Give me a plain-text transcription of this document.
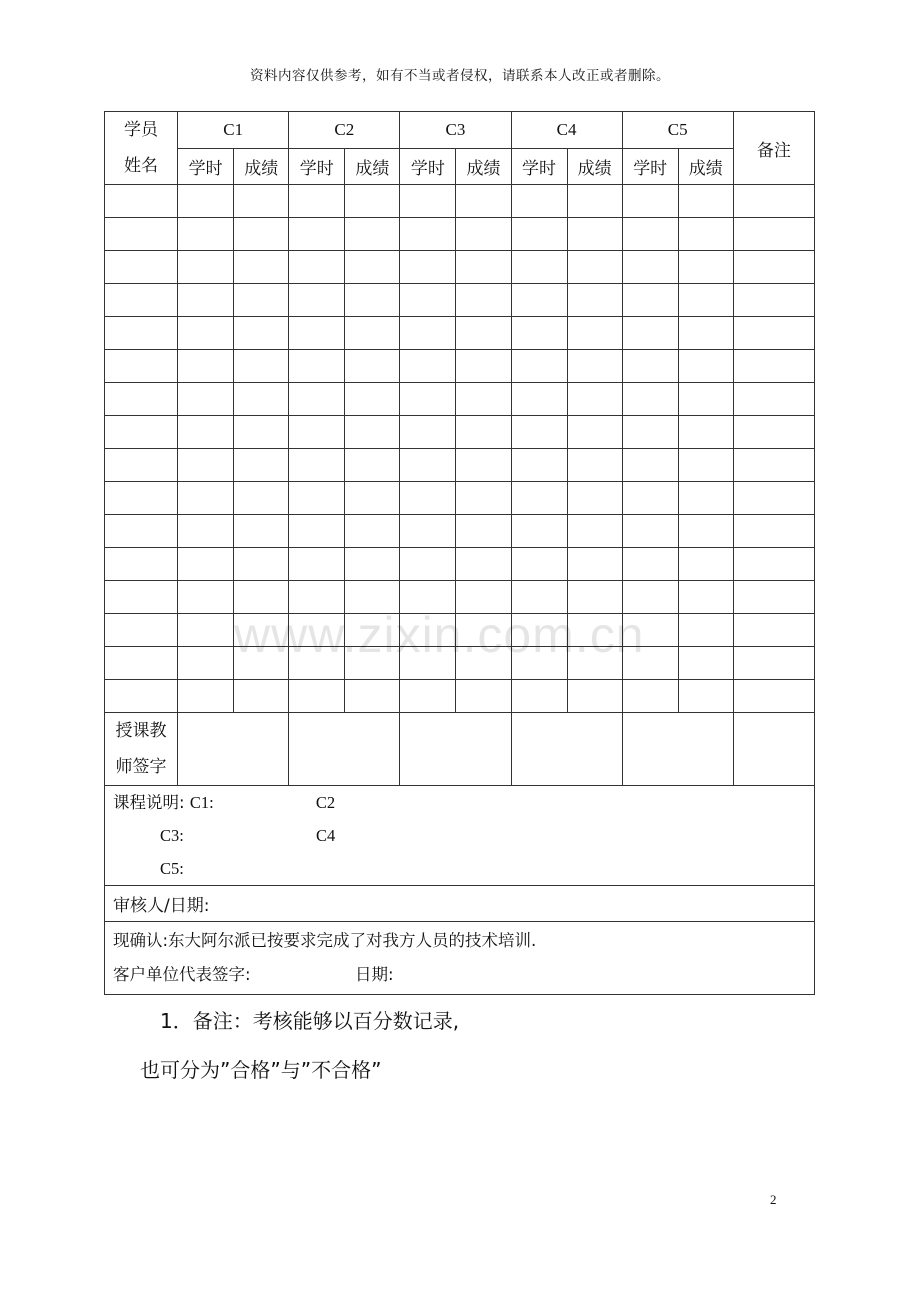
资料内容仅供参考，如有不当或者侵权，请联系本人改正或者删除。
学员
姓名	C1		C2		C3		C4		C5		备注
	学时	成绩	学时	成绩	学时	成绩	学时	成绩	学时	成绩	

授课教
师签字											

课程说明: C1: C2
C3: C4
C5:											

审核人/日期:											

现确认:东大阿尔派已按要求完成了对我方人员的技术培训.
客户单位代表签字: 日期:											
www.zixin.com.cn
1．备注：考核能够以百分数记录,
也可分为”合格”与”不合格”
2
